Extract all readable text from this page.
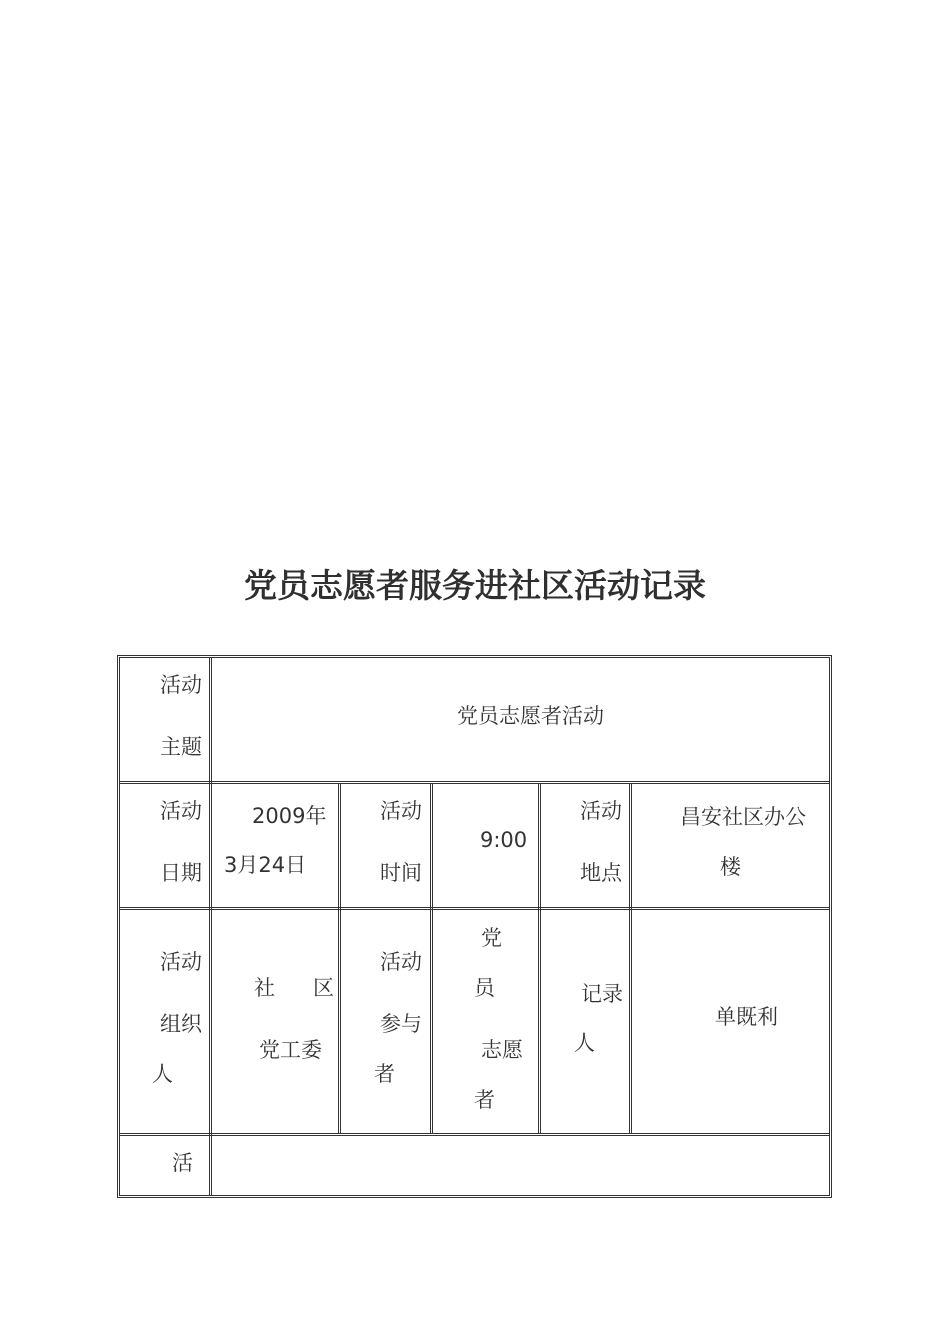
党员志愿者服务进社区活动记录
活动
主题
党员志愿者活动
活动
日期
2009年
3月24日
活动
时间
9:00
活动
地点
昌安社区办公
楼
活动
组织
人
社 区
党工委
活动
参与
者
党
员
志愿
者
记录
人
单既利
活
